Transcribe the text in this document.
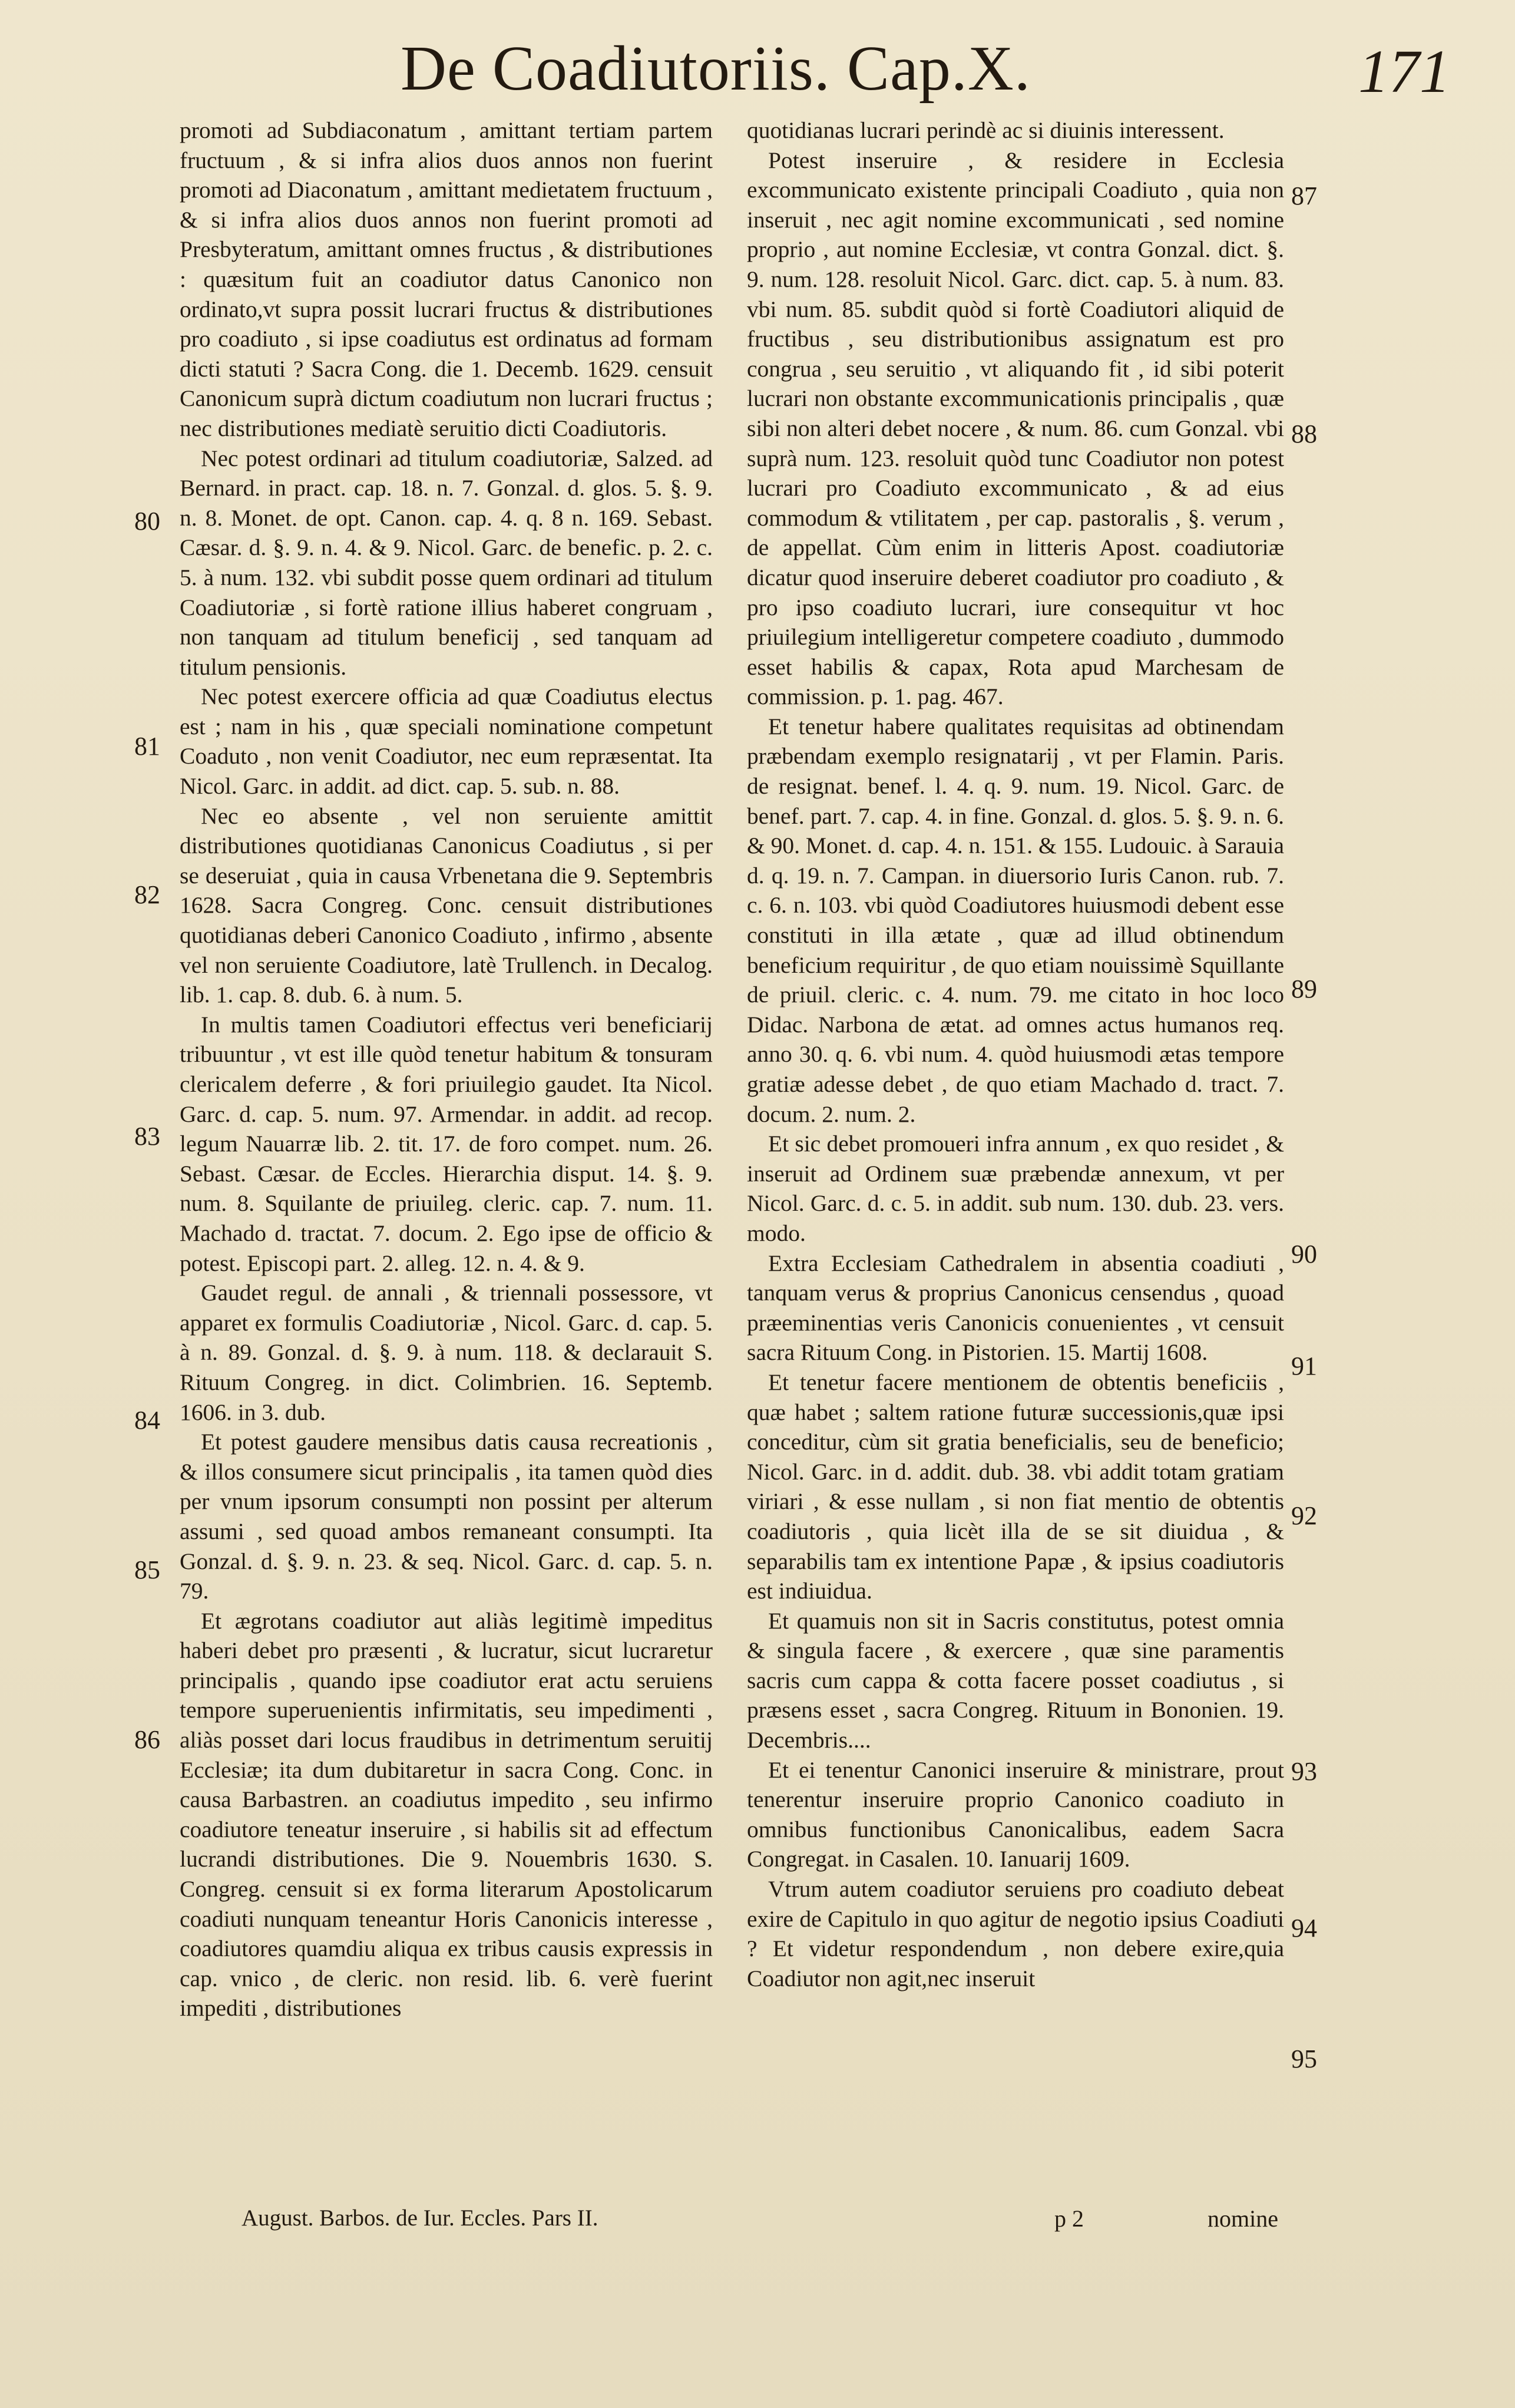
De Coadiutoriis. Cap.X.	171

promoti ad Subdiaconatum , amittant tertiam partem fructuum , & si infra alios duos annos non fuerint promoti ad Diaconatum , amittant medietatem fructuum , & si infra alios duos annos non fuerint promoti ad Presbyteratum, amittant omnes fructus , & distributiones : quæsitum fuit an coadiutor datus Canonico non ordinato,vt supra possit lucrari fructus & distributiones pro coadiuto , si ipse coadiutus est ordinatus ad formam dicti statuti ? Sacra Cong. die 1. Decemb. 1629. censuit Canonicum suprà dictum coadiutum non lucrari fructus ; nec distributiones mediatè seruitio dicti Coadiutoris.

Nec potest ordinari ad titulum coadiutoriæ, Salzed. ad Bernard. in pract. cap. 18. n. 7. Gonzal. d. glos. 5. §. 9. n. 8. Monet. de opt. Canon. cap. 4. q. 8 n. 169. Sebast. Cæsar. d. §. 9. n. 4. & 9. Nicol. Garc. de benefic. p. 2. c. 5. à num. 132. vbi subdit posse quem ordinari ad titulum Coadiutoriæ , si fortè ratione illius haberet congruam , non tanquam ad titulum beneficij , sed tanquam ad titulum pensionis.

Nec potest exercere officia ad quæ Coadiutus electus est ; nam in his , quæ speciali nominatione competunt Coaduto , non venit Coadiutor, nec eum repræsentat. Ita Nicol. Garc. in addit. ad dict. cap. 5. sub. n. 88.

Nec eo absente , vel non seruiente amittit distributiones quotidianas Canonicus Coadiutus , si per se deseruiat , quia in causa Vrbenetana die 9. Septembris 1628. Sacra Congreg. Conc. censuit distributiones quotidianas deberi Canonico Coadiuto , infirmo , absente vel non seruiente Coadiutore, latè Trullench. in Decalog. lib. 1. cap. 8. dub. 6. à num. 5.

In multis tamen Coadiutori effectus veri beneficiarij tribuuntur , vt est ille quòd tenetur habitum & tonsuram clericalem deferre , & fori priuilegio gaudet. Ita Nicol. Garc. d. cap. 5. num. 97. Armendar. in addit. ad recop. legum Nauarræ lib. 2. tit. 17. de foro compet. num. 26. Sebast. Cæsar. de Eccles. Hierarchia disput. 14. §. 9. num. 8. Squilante de priuileg. cleric. cap. 7. num. 11. Machado d. tractat. 7. docum. 2. Ego ipse de officio & potest. Episcopi part. 2. alleg. 12. n. 4. & 9.

Gaudet regul. de annali , & triennali possessore, vt apparet ex formulis Coadiutoriæ , Nicol. Garc. d. cap. 5. à n. 89. Gonzal. d. §. 9. à num. 118. & declarauit S. Rituum Congreg. in dict. Colimbrien. 16. Septemb. 1606. in 3. dub.

Et potest gaudere mensibus datis causa recreationis , & illos consumere sicut principalis , ita tamen quòd dies per vnum ipsorum consumpti non possint per alterum assumi , sed quoad ambos remaneant consumpti. Ita Gonzal. d. §. 9. n. 23. & seq. Nicol. Garc. d. cap. 5. n. 79.

Et ægrotans coadiutor aut aliàs legitimè impeditus haberi debet pro præsenti , & lucratur, sicut lucraretur principalis , quando ipse coadiutor erat actu seruiens tempore superuenientis infirmitatis, seu impedimenti , aliàs posset dari locus fraudibus in detrimentum seruitij Ecclesiæ; ita dum dubitaretur in sacra Cong. Conc. in causa Barbastren. an coadiutus impedito , seu infirmo coadiutore teneatur inseruire , si habilis sit ad effectum lucrandi distributiones. Die 9. Nouembris 1630. S. Congreg. censuit si ex forma literarum Apostolicarum coadiuti nunquam teneantur Horis Canonicis interesse , coadiutores quamdiu aliqua ex tribus causis expressis in cap. vnico , de cleric. non resid. lib. 6. verè fuerint impediti , distributiones

quotidianas lucrari perindè ac si diuinis interessent.

Potest inseruire , & residere in Ecclesia excommunicato existente principali Coadiuto , quia non inseruit , nec agit nomine excommunicati , sed nomine proprio , aut nomine Ecclesiæ, vt contra Gonzal. dict. §. 9. num. 128. resoluit Nicol. Garc. dict. cap. 5. à num. 83. vbi num. 85. subdit quòd si fortè Coadiutori aliquid de fructibus , seu distributionibus assignatum est pro congrua , seu seruitio , vt aliquando fit , id sibi poterit lucrari non obstante excommunicationis principalis , quæ sibi non alteri debet nocere , & num. 86. cum Gonzal. vbi suprà num. 123. resoluit quòd tunc Coadiutor non potest lucrari pro Coadiuto excommunicato , & ad eius commodum & vtilitatem , per cap. pastoralis , §. verum , de appellat. Cùm enim in litteris Apost. coadiutoriæ dicatur quod inseruire deberet coadiutor pro coadiuto , & pro ipso coadiuto lucrari, iure consequitur vt hoc priuilegium intelligeretur competere coadiuto , dummodo esset habilis & capax, Rota apud Marchesam de commission. p. 1. pag. 467.

Et tenetur habere qualitates requisitas ad obtinendam præbendam exemplo resignatarij , vt per Flamin. Paris. de resignat. benef. l. 4. q. 9. num. 19. Nicol. Garc. de benef. part. 7. cap. 4. in fine. Gonzal. d. glos. 5. §. 9. n. 6. & 90. Monet. d. cap. 4. n. 151. & 155. Ludouic. à Sarauia d. q. 19. n. 7. Campan. in diuersorio Iuris Canon. rub. 7. c. 6. n. 103. vbi quòd Coadiutores huiusmodi debent esse constituti in illa ætate , quæ ad illud obtinendum beneficium requiritur , de quo etiam nouissimè Squillante de priuil. cleric. c. 4. num. 79. me citato in hoc loco Didac. Narbona de ætat. ad omnes actus humanos req. anno 30. q. 6. vbi num. 4. quòd huiusmodi ætas tempore gratiæ adesse debet , de quo etiam Machado d. tract. 7. docum. 2. num. 2.

Et sic debet promoueri infra annum , ex quo residet , & inseruit ad Ordinem suæ præbendæ annexum, vt per Nicol. Garc. d. c. 5. in addit. sub num. 130. dub. 23. vers. modo.

Extra Ecclesiam Cathedralem in absentia coadiuti , tanquam verus & proprius Canonicus censendus , quoad præeminentias veris Canonicis conuenientes , vt censuit sacra Rituum Cong. in Pistorien. 15. Martij 1608.

Et tenetur facere mentionem de obtentis beneficiis , quæ habet ; saltem ratione futuræ successionis,quæ ipsi conceditur, cùm sit gratia beneficialis, seu de beneficio; Nicol. Garc. in d. addit. dub. 38. vbi addit totam gratiam viriari , & esse nullam , si non fiat mentio de obtentis coadiutoris , quia licèt illa de se sit diuidua , & separabilis tam ex intentione Papæ , & ipsius coadiutoris est indiuidua.

Et quamuis non sit in Sacris constitutus, potest omnia & singula facere , & exercere , quæ sine paramentis sacris cum cappa & cotta facere posset coadiutus , si præsens esset , sacra Congreg. Rituum in Bononien. 19. Decembris....

Et ei tenentur Canonici inseruire & ministrare, prout tenerentur inseruire proprio Canonico coadiuto in omnibus functionibus Canonicalibus, eadem Sacra Congregat. in Casalen. 10. Ianuarij 1609.

Vtrum autem coadiutor seruiens pro coadiuto debeat exire de Capitulo in quo agitur de negotio ipsius Coadiuti ? Et videtur respondendum , non debere exire,quia Coadiutor non agit,nec inseruit

80
81
82
83
84
85
86
87
88
89
90
91
92
93
94
95
August. Barbos. de Iur. Eccles. Pars II.	p 2	nomine
